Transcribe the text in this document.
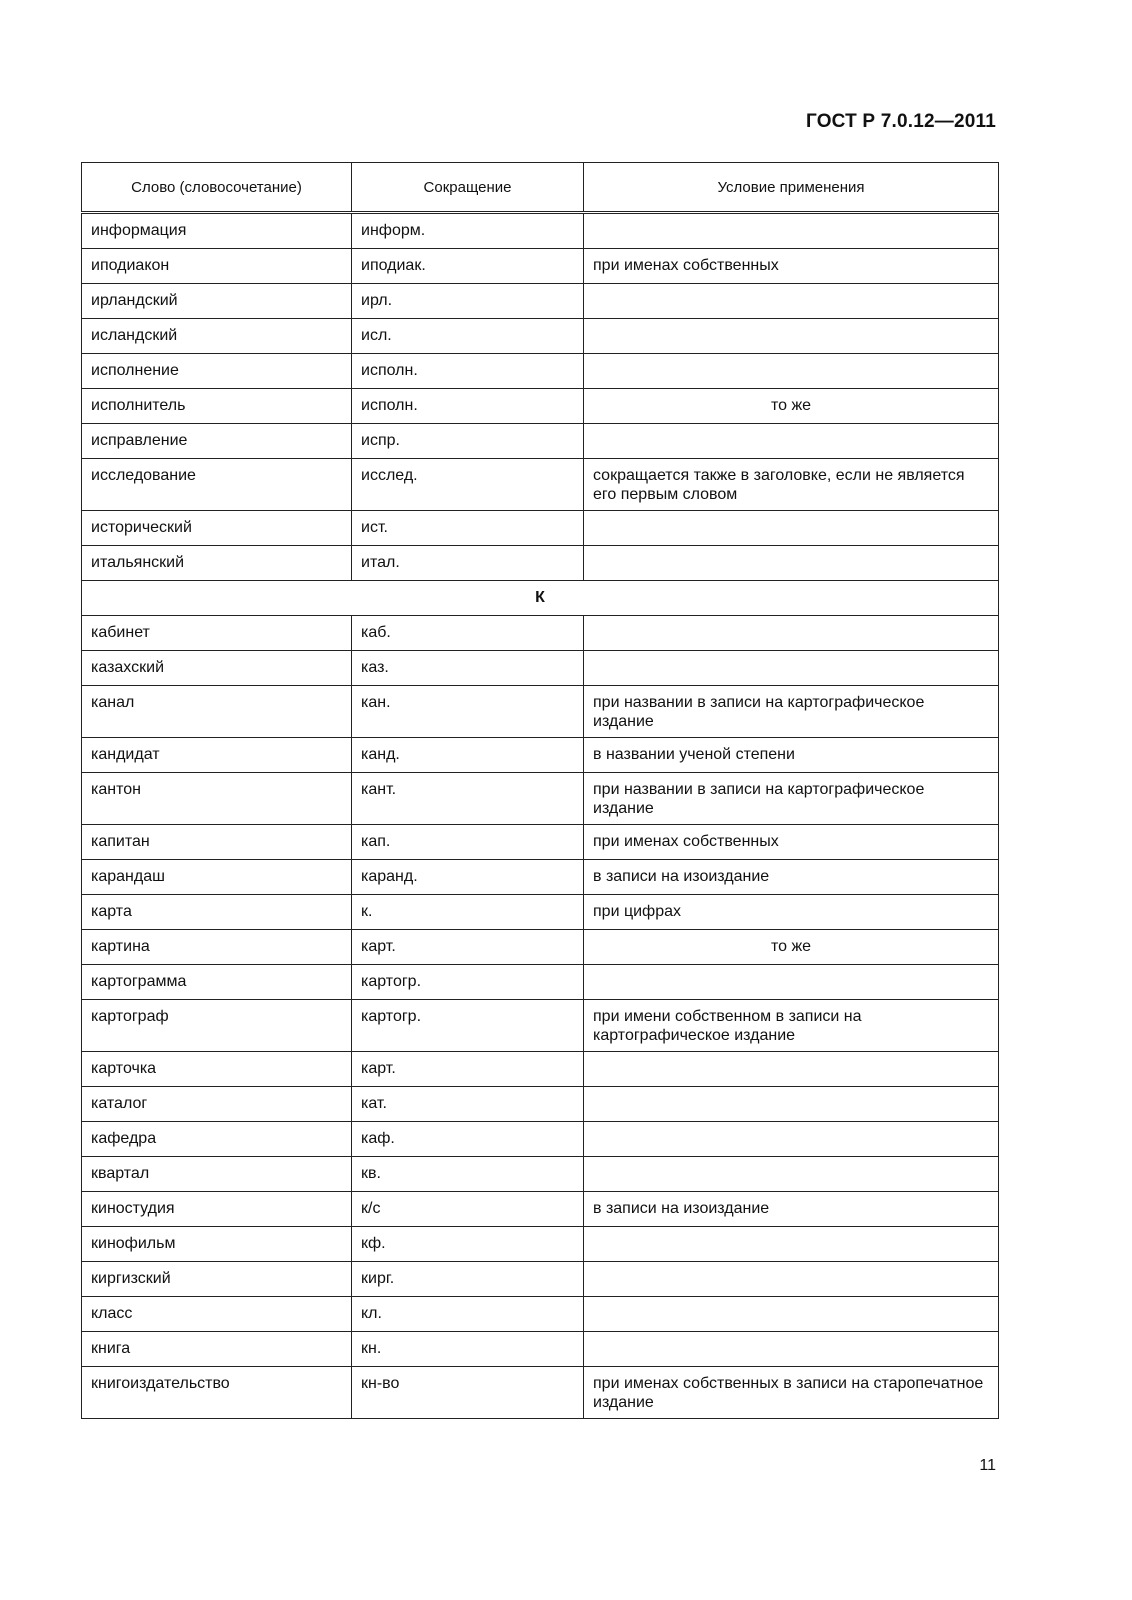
ГОСТ Р 7.0.12—2011
Слово (словосочетание)	Сокращение	Условие применения
информация	информ.	
иподиакон	иподиак.	при именах собственных
ирландский	ирл.	
исландский	исл.	
исполнение	исполн.	
исполнитель	исполн.	то же
исправление	испр.	
исследование	исслед.	сокращается также в заголовке, если не является его первым словом
исторический	ист.	
итальянский	итал.	
К		
кабинет	каб.	
казахский	каз.	
канал	кан.	при названии в записи на картографическое издание
кандидат	канд.	в названии ученой степени
кантон	кант.	при названии в записи на картографическое издание
капитан	кап.	при именах собственных
карандаш	каранд.	в записи на изоиздание
карта	к.	при цифрах
картина	карт.	то же
картограмма	картогр.	
картограф	картогр.	при имени собственном в записи на картографическое издание
карточка	карт.	
каталог	кат.	
кафедра	каф.	
квартал	кв.	
киностудия	к/с	в записи на изоиздание
кинофильм	кф.	
киргизский	кирг.	
класс	кл.	
книга	кн.	
книгоиздательство	кн-во	при именах собственных в записи на старопечатное издание
11
